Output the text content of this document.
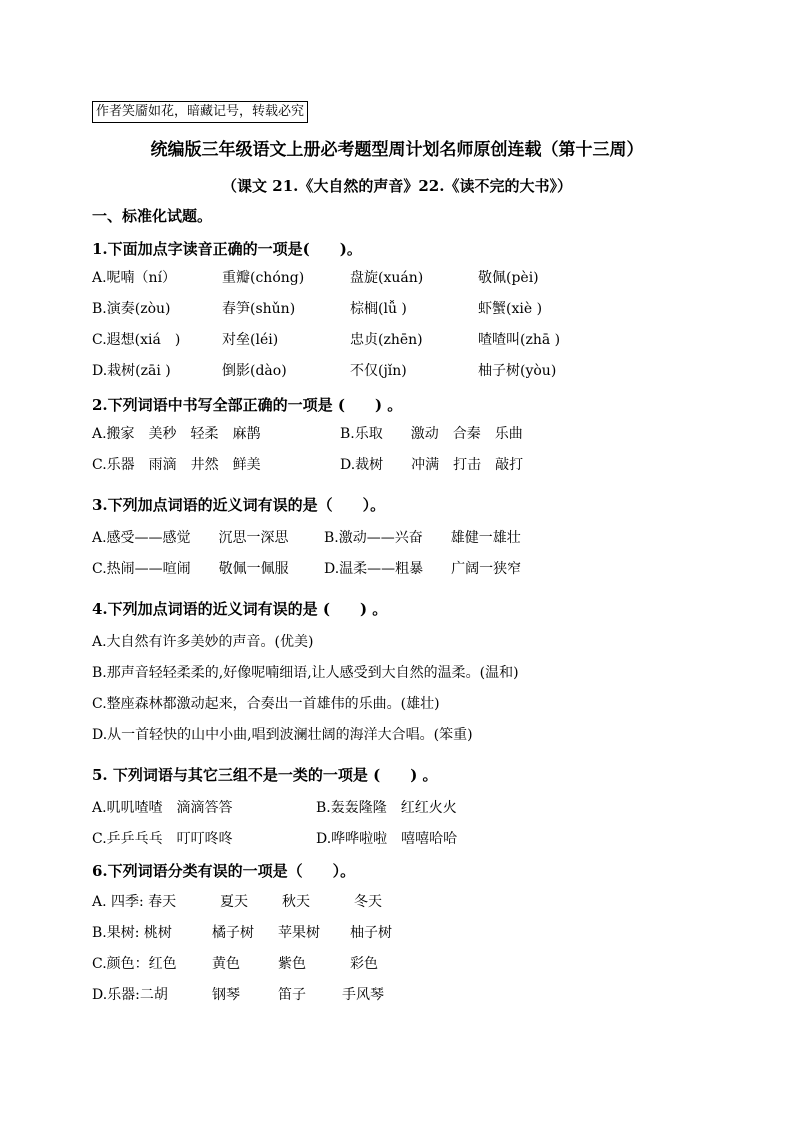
作者笑靥如花，暗藏记号，转载必究
统编版三年级语文上册必考题型周计划名师原创连载（第十三周）
（课文 21.《大自然的声音》22.《读不完的大书》）
一、标准化试题。
1.下面加点字读音正确的一项是(　　)。
A.呢喃（ní）	重瓣(chóng)	盘旋(xuán)	敬佩(pèi)
B.演奏(zòu)	春笋(shǔn)	棕榈(lǚ )	虾蟹(xiè )
C.遐想(xiá　)	对垒(léi)	忠贞(zhēn)	喳喳叫(zhā )
D.栽树(zāi )	倒影(dào)	不仅(jǐn)	柚子树(yòu)
2.下列词语中书写全部正确的一项是 (　　) 。
A.搬家　美秒　轻柔　麻鹊	B.乐取　　激动　合秦　乐曲
C.乐器　雨滴　井然　鲜美	D.裁树　　冲满　打击　敲打
3.下列加点词语的近义词有误的是（　　）。
A.感受——感觉　　沉思一深思	B.激动——兴奋　　雄健一雄壮
C.热闹——喧闹　　敬佩一佩服	D.温柔——粗暴　　广阔一狭窄
4.下列加点词语的近义词有误的是 (　　) 。
A.大自然有许多美妙的声音。(优美)
B.那声音轻轻柔柔的,好像呢喃细语,让人感受到大自然的温柔。(温和)
C.整座森林都激动起来，合奏出一首雄伟的乐曲。(雄壮)
D.从一首轻快的山中小曲,唱到波澜壮阔的海洋大合唱。(笨重)
5. 下列词语与其它三组不是一类的一项是 (　　) 。
A.叽叽喳喳　滴滴答答	B.轰轰隆隆　红红火火
C.乒乒乓乓　叮叮咚咚	D.哗哗啦啦　嘻嘻哈哈
6.下列词语分类有误的一项是（　　）。
A. 四季: 春天	夏天 秋天	冬天
B.果树: 桃树	橘子树 苹果树 柚子树
C.颜色：红色	黄色	紫色	彩色
D.乐器:二胡	钢琴	笛子	手风琴
